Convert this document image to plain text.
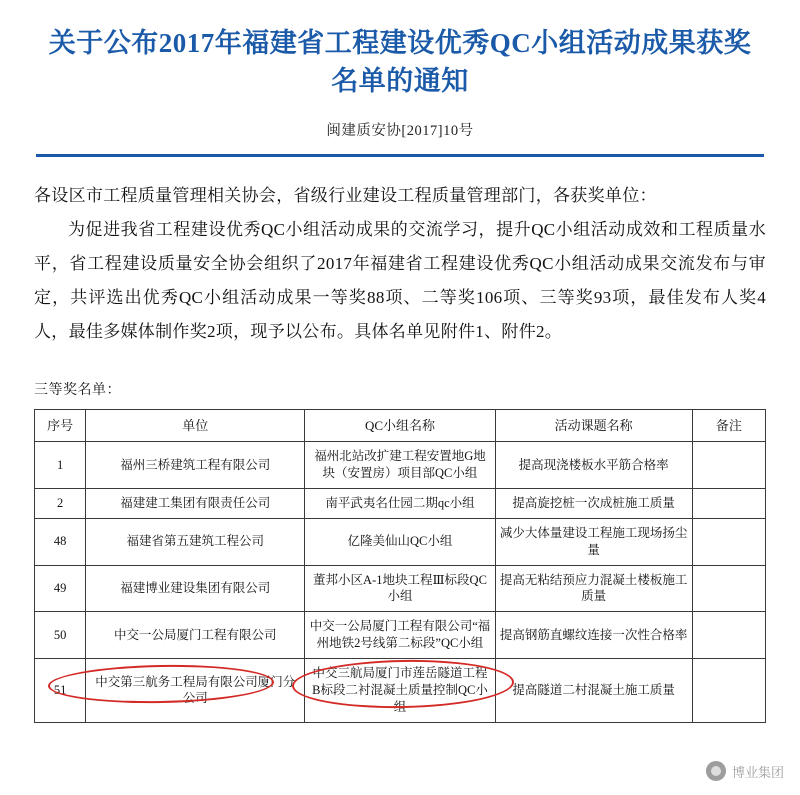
关于公布2017年福建省工程建设优秀QC小组活动成果获奖名单的通知
闽建质安协[2017]10号
各设区市工程质量管理相关协会，省级行业建设工程质量管理部门，各获奖单位：
为促进我省工程建设优秀QC小组活动成果的交流学习，提升QC小组活动成效和工程质量水平，省工程建设质量安全协会组织了2017年福建省工程建设优秀QC小组活动成果交流发布与审定，共评选出优秀QC小组活动成果一等奖88项、二等奖106项、三等奖93项，最佳发布人奖4人，最佳多媒体制作奖2项，现予以公布。具体名单见附件1、附件2。
三等奖名单：
序号	单位	QC小组名称	活动课题名称	备注
1	福州三桥建筑工程有限公司	福州北站改扩建工程安置地G地块（安置房）项目部QC小组	提高现浇楼板水平筋合格率	
2	福建建工集团有限责任公司	南平武夷名仕园二期qc小组	提高旋挖桩一次成桩施工质量	
48	福建省第五建筑工程公司	亿隆美仙山QC小组	减少大体量建设工程施工现场扬尘量	
49	福建博业建设集团有限公司	董邦小区A-1地块工程Ⅲ标段QC小组	提高无粘结预应力混凝土楼板施工质量	
50	中交一公局厦门工程有限公司	中交一公局厦门工程有限公司“福州地铁2号线第二标段”QC小组	提高钢筋直螺纹连接一次性合格率	
51	中交第三航务工程局有限公司厦门分公司	中交三航局厦门市莲岳隧道工程B标段二衬混凝土质量控制QC小组	提高隧道二村混凝土施工质量	
博业集团
